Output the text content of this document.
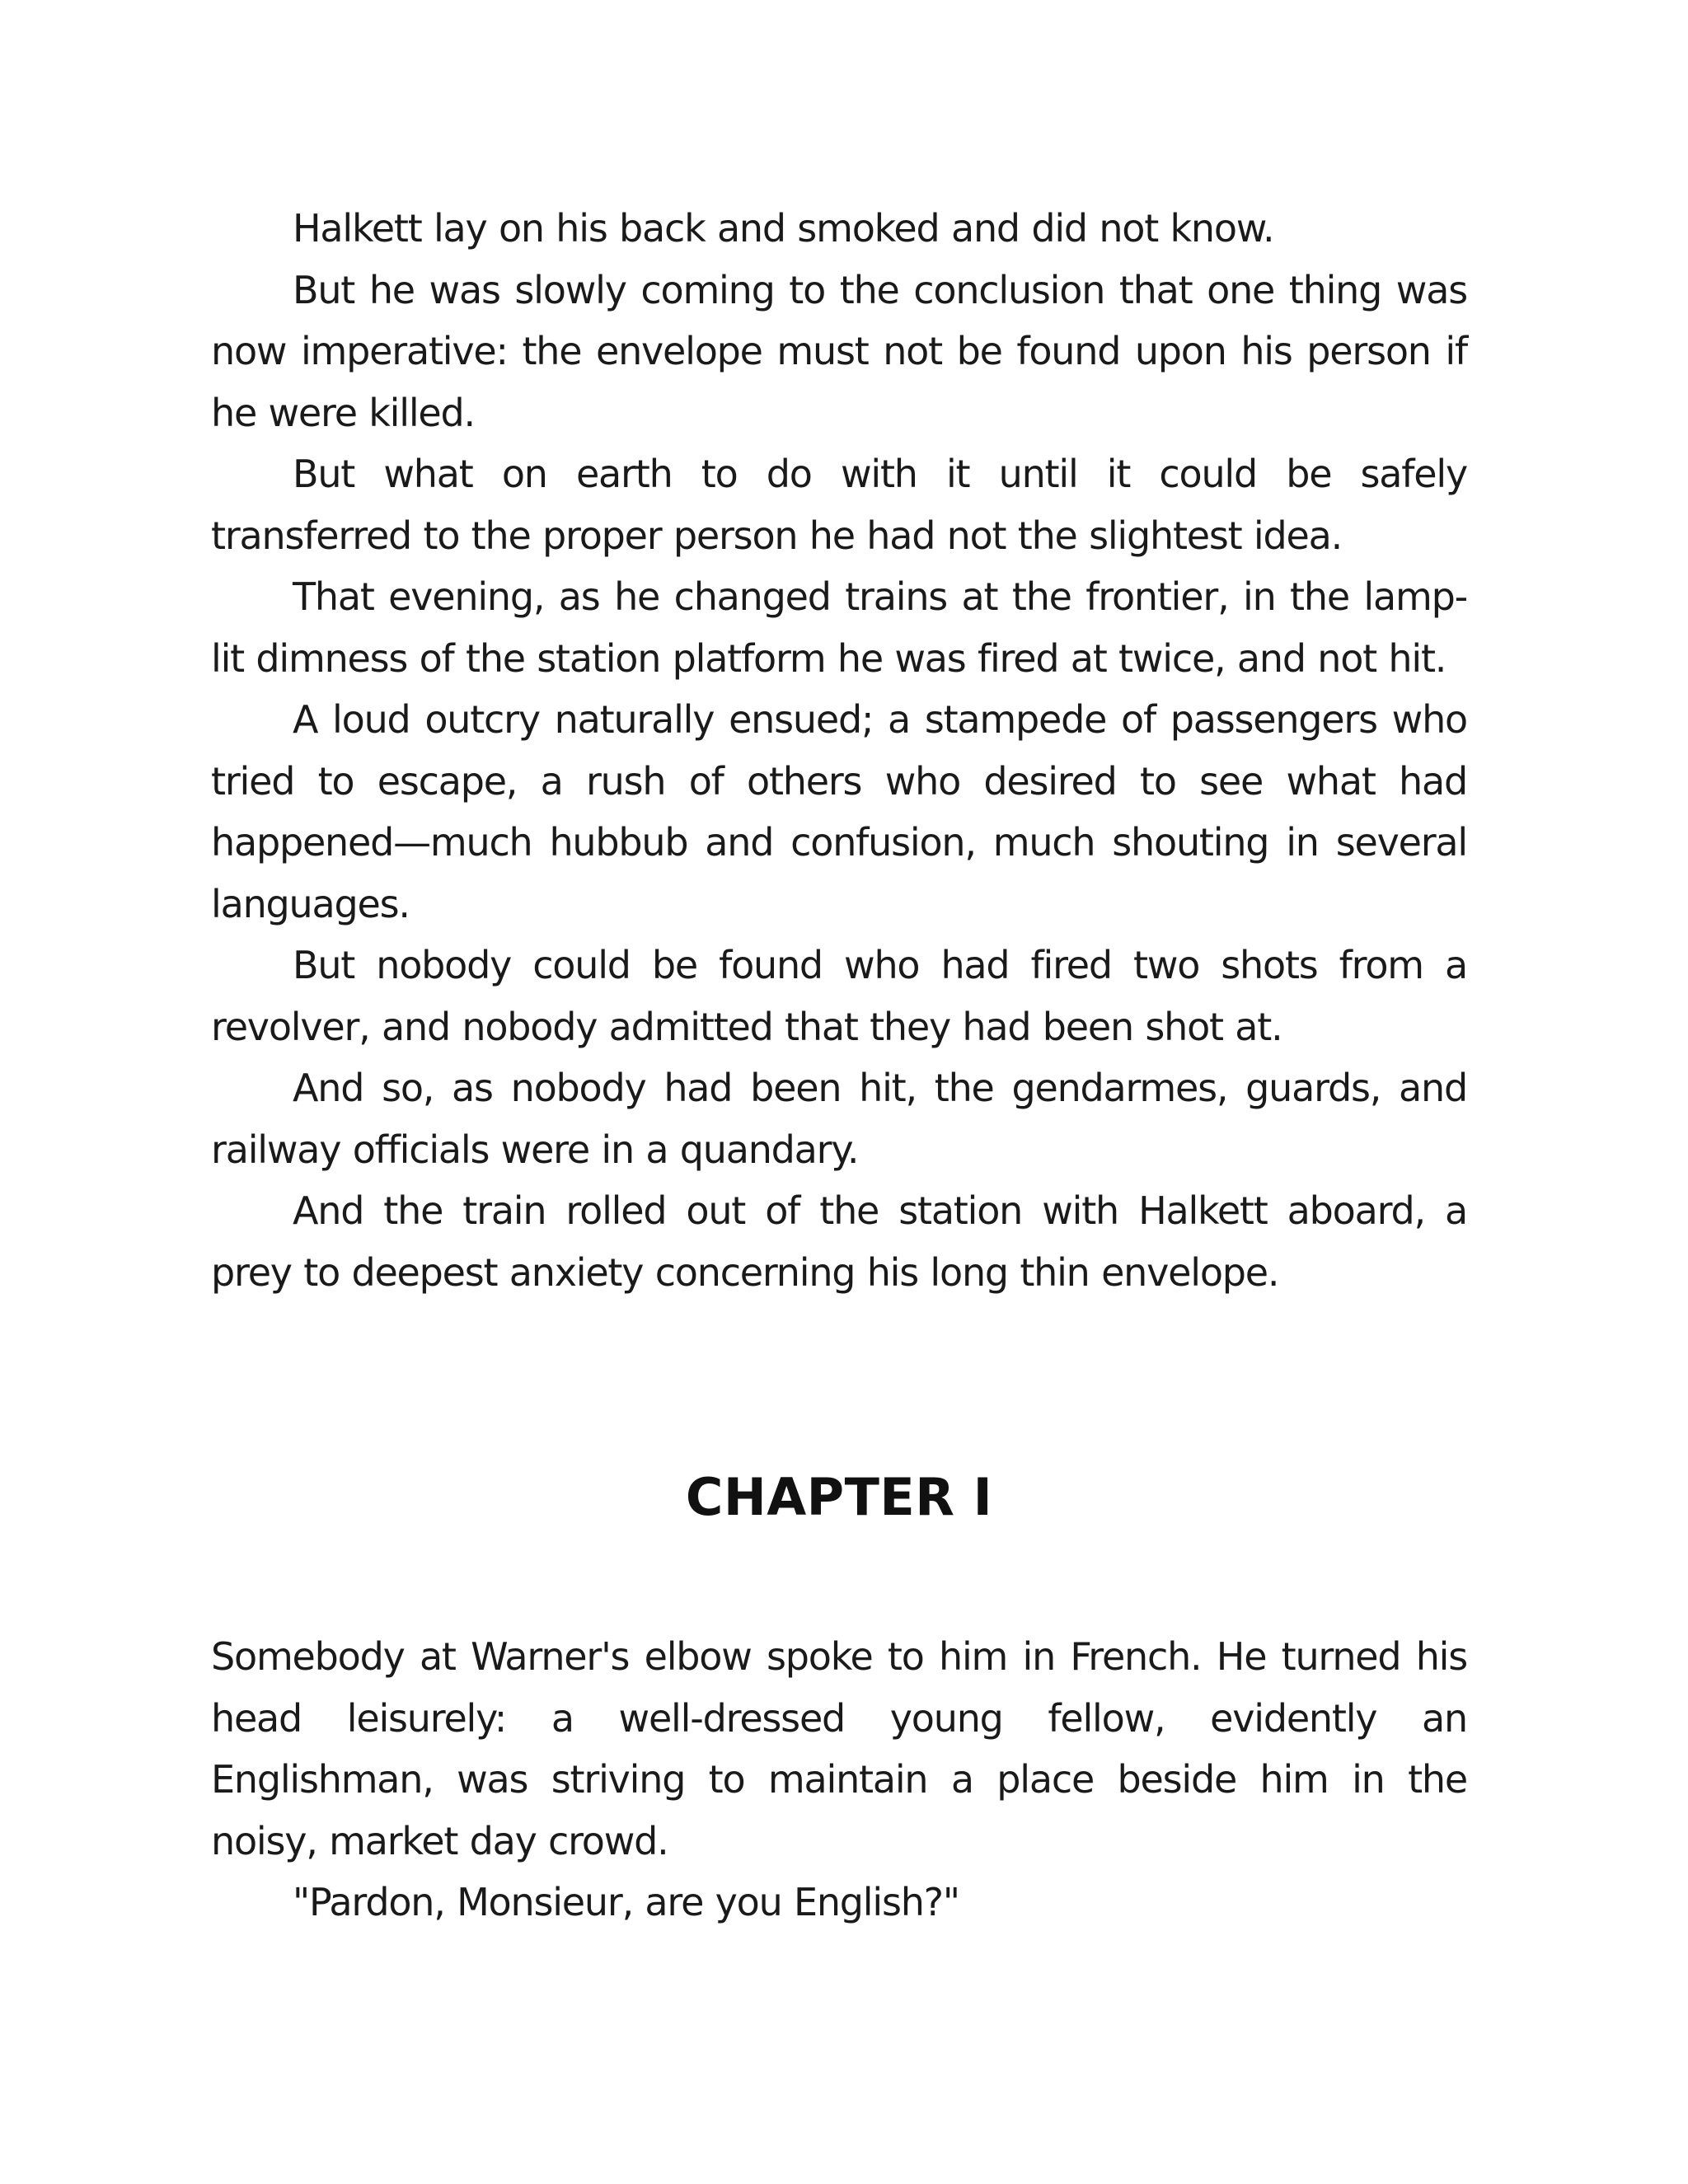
Halkett lay on his back and smoked and did not know.

But he was slowly coming to the conclusion that one thing was now imperative: the envelope must not be found upon his person if he were killed.

But what on earth to do with it until it could be safely transferred to the proper person he had not the slightest idea.

That evening, as he changed trains at the frontier, in the lamp-lit dimness of the station platform he was fired at twice, and not hit.

A loud outcry naturally ensued; a stampede of passengers who tried to escape, a rush of others who desired to see what had happened—much hubbub and confusion, much shouting in several languages.

But nobody could be found who had fired two shots from a revolver, and nobody admitted that they had been shot at.

And so, as nobody had been hit, the gendarmes, guards, and railway officials were in a quandary.

And the train rolled out of the station with Halkett aboard, a prey to deepest anxiety concerning his long thin envelope.

CHAPTER I

Somebody at Warner's elbow spoke to him in French. He turned his head leisurely: a well-dressed young fellow, evidently an Englishman, was striving to maintain a place beside him in the noisy, market day crowd.

"Pardon, Monsieur, are you English?"
